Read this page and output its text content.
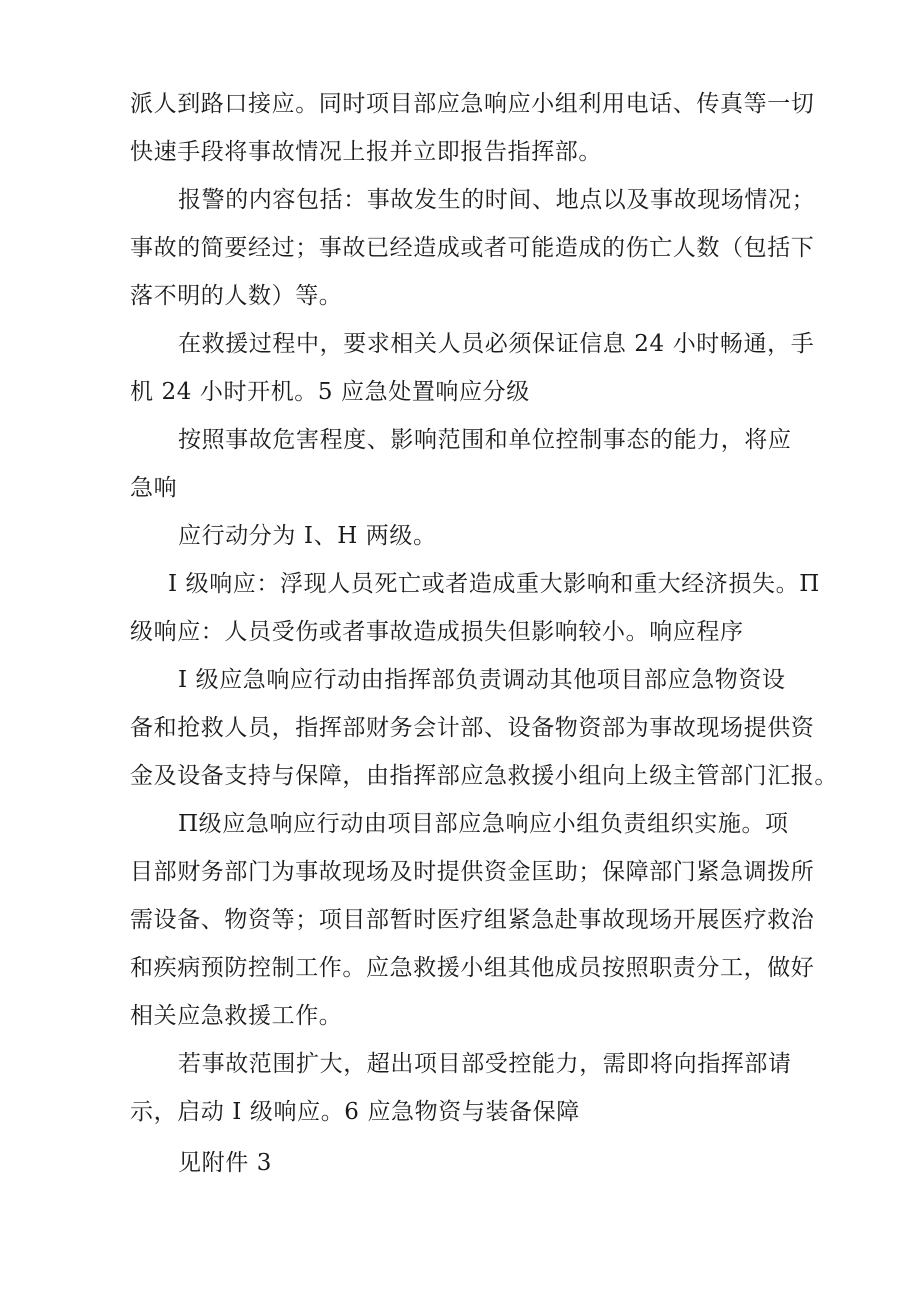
派人到路口接应。同时项目部应急响应小组利用电话、传真等一切
快速手段将事故情况上报并立即报告指挥部。
报警的内容包括：事故发生的时间、地点以及事故现场情况；
事故的简要经过；事故已经造成或者可能造成的伤亡人数（包括下
落不明的人数）等。
在救援过程中，要求相关人员必须保证信息 24 小时畅通，手
机 24 小时开机。5 应急处置响应分级
按照事故危害程度、影响范围和单位控制事态的能力，将应
急响
应行动分为 I、H 两级。
I 级响应：浮现人员死亡或者造成重大影响和重大经济损失。Π
级响应：人员受伤或者事故造成损失但影响较小。响应程序
I 级应急响应行动由指挥部负责调动其他项目部应急物资设
备和抢救人员，指挥部财务会计部、设备物资部为事故现场提供资
金及设备支持与保障，由指挥部应急救援小组向上级主管部门汇报。
Π级应急响应行动由项目部应急响应小组负责组织实施。项
目部财务部门为事故现场及时提供资金匡助；保障部门紧急调拨所
需设备、物资等；项目部暂时医疗组紧急赴事故现场开展医疗救治
和疾病预防控制工作。应急救援小组其他成员按照职责分工，做好
相关应急救援工作。
若事故范围扩大，超出项目部受控能力，需即将向指挥部请
示，启动 I 级响应。6 应急物资与装备保障
见附件 3
